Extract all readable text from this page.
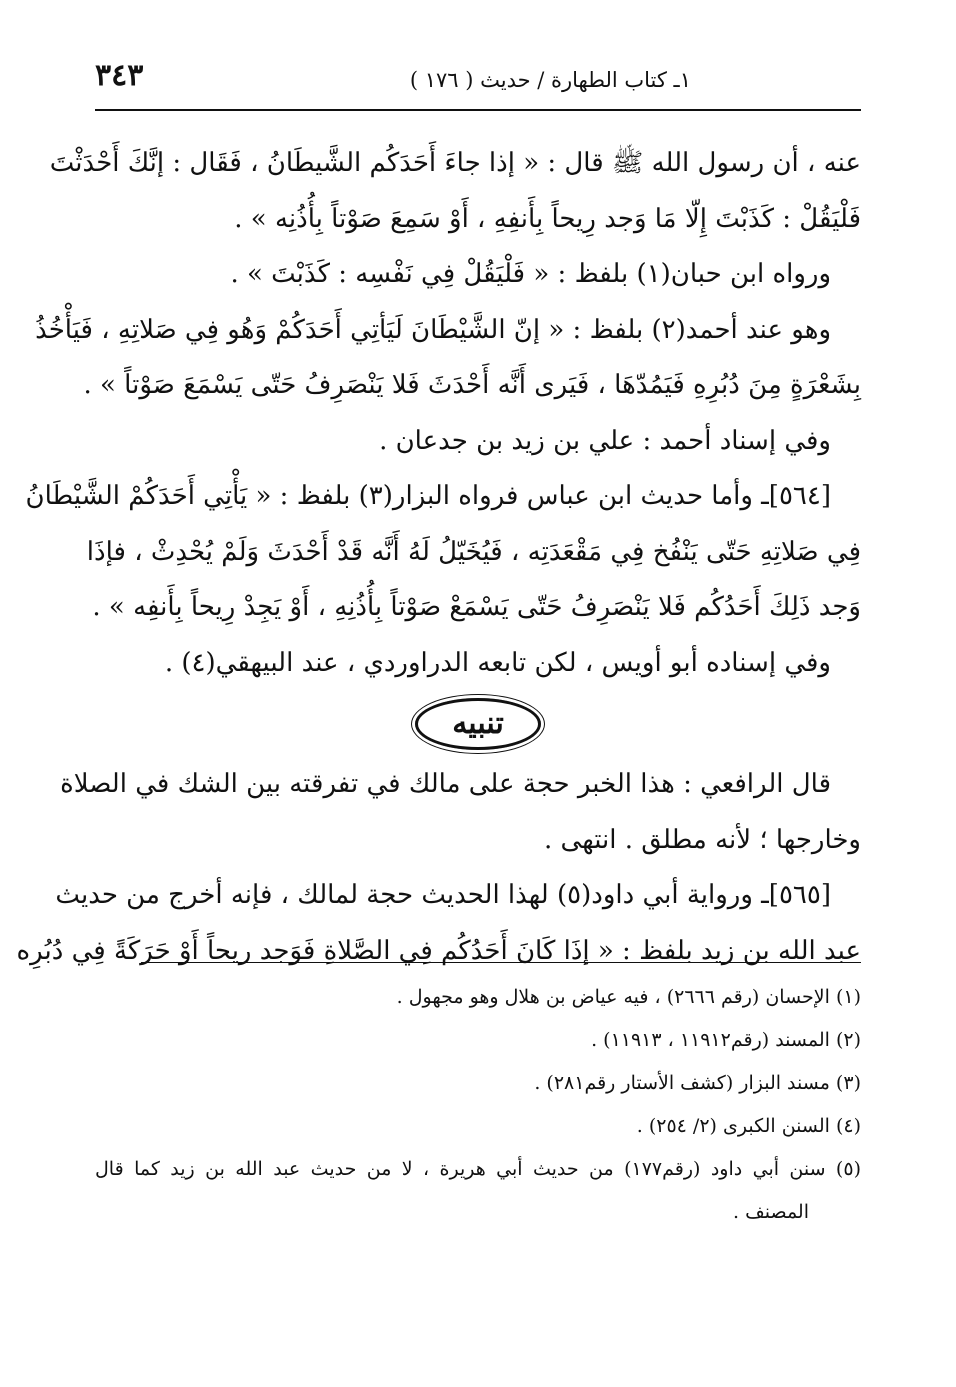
١ـ كتاب الطهارة / حديث ( ١٧٦ )
٣٤٣
عنه ، أن رسول الله ﷺ قال : « إذا جاءَ أَحَدَكُم الشَّيطَانُ ، فَقَال : إنَّكَ أَحْدَثْتَ
فَلْيَقُلْ : كَذَبْتَ إِلّا مَا وَجد رِيحاً بِأَنفِهِ ، أَوْ سَمِعَ صَوْتاً بِأُذُنِه » .
ورواه ابن حبان(١) بلفظ : « فَلْيَقُلْ فِي نَفْسِه : كَذَبْتَ » .
وهو عند أحمد(٢) بلفظ : « إنّ الشَّيْطَانَ لَيَأتِي أَحَدَكُمْ وَهُو فِي صَلاتِهِ ، فَيَأْخُذُ
بِشَعْرَةٍ مِنَ دُبُرِهِ فَيَمُدّهَا ، فَيَرى أَنَّه أَحْدَثَ فَلا يَنْصَرِفُ حَتّى يَسْمَعَ صَوْتاً » .
وفي إسناد أحمد : علي بن زيد بن جدعان .
[٥٦٤]ـ وأما حديث ابن عباس فرواه البزار(٣) بلفظ : « يَأْتِي أَحَدَكُمْ الشَّيْطَانُ
فِي صَلاتِهِ حَتّى يَنْفُخ فِي مَقْعَدَتِه ، فَيُخَيّلُ لَهُ أَنَّه قَدْ أَحْدَثَ وَلَمْ يُحْدِثْ ، فإذَا
وَجد ذَلِكَ أَحَدُكُم فَلا يَنْصَرِفُ حَتّى يَسْمَعْ صَوْتاً بِأُذُنِهِ ، أَوْ يَجِدْ رِيحاً بِأَنفِه » .
وفي إسناده أبو أويس ، لكن تابعه الدراوردي ، عند البيهقي(٤) .
تنبيه
قال الرافعي : هذا الخبر حجة على مالك في تفرقته بين الشك في الصلاة
وخارجها ؛ لأنه مطلق . انتهى .
[٥٦٥]ـ ورواية أبي داود(٥) لهذا الحديث حجة لمالك ، فإنه أخرج من حديث
عبد الله بن زيد بلفظ : « إذَا كَانَ أَحَدُكُم فِي الصَّلاةِ فَوَجد ريحاً أَوْ حَرَكَةً فِي دُبُرِه
(١) الإحسان (رقم ٢٦٦٦) ، فيه عياض بن هلال وهو مجهول .
(٢) المسند (رقم١١٩١٢ ، ١١٩١٣) .
(٣) مسند البزار (كشف الأستار رقم٢٨١) .
(٤) السنن الكبرى (٢/ ٢٥٤) .
(٥) سنن أبي داود (رقم١٧٧) من حديث أبي هريرة ، لا من حديث عبد الله بن زيد كما قال
المصنف .
